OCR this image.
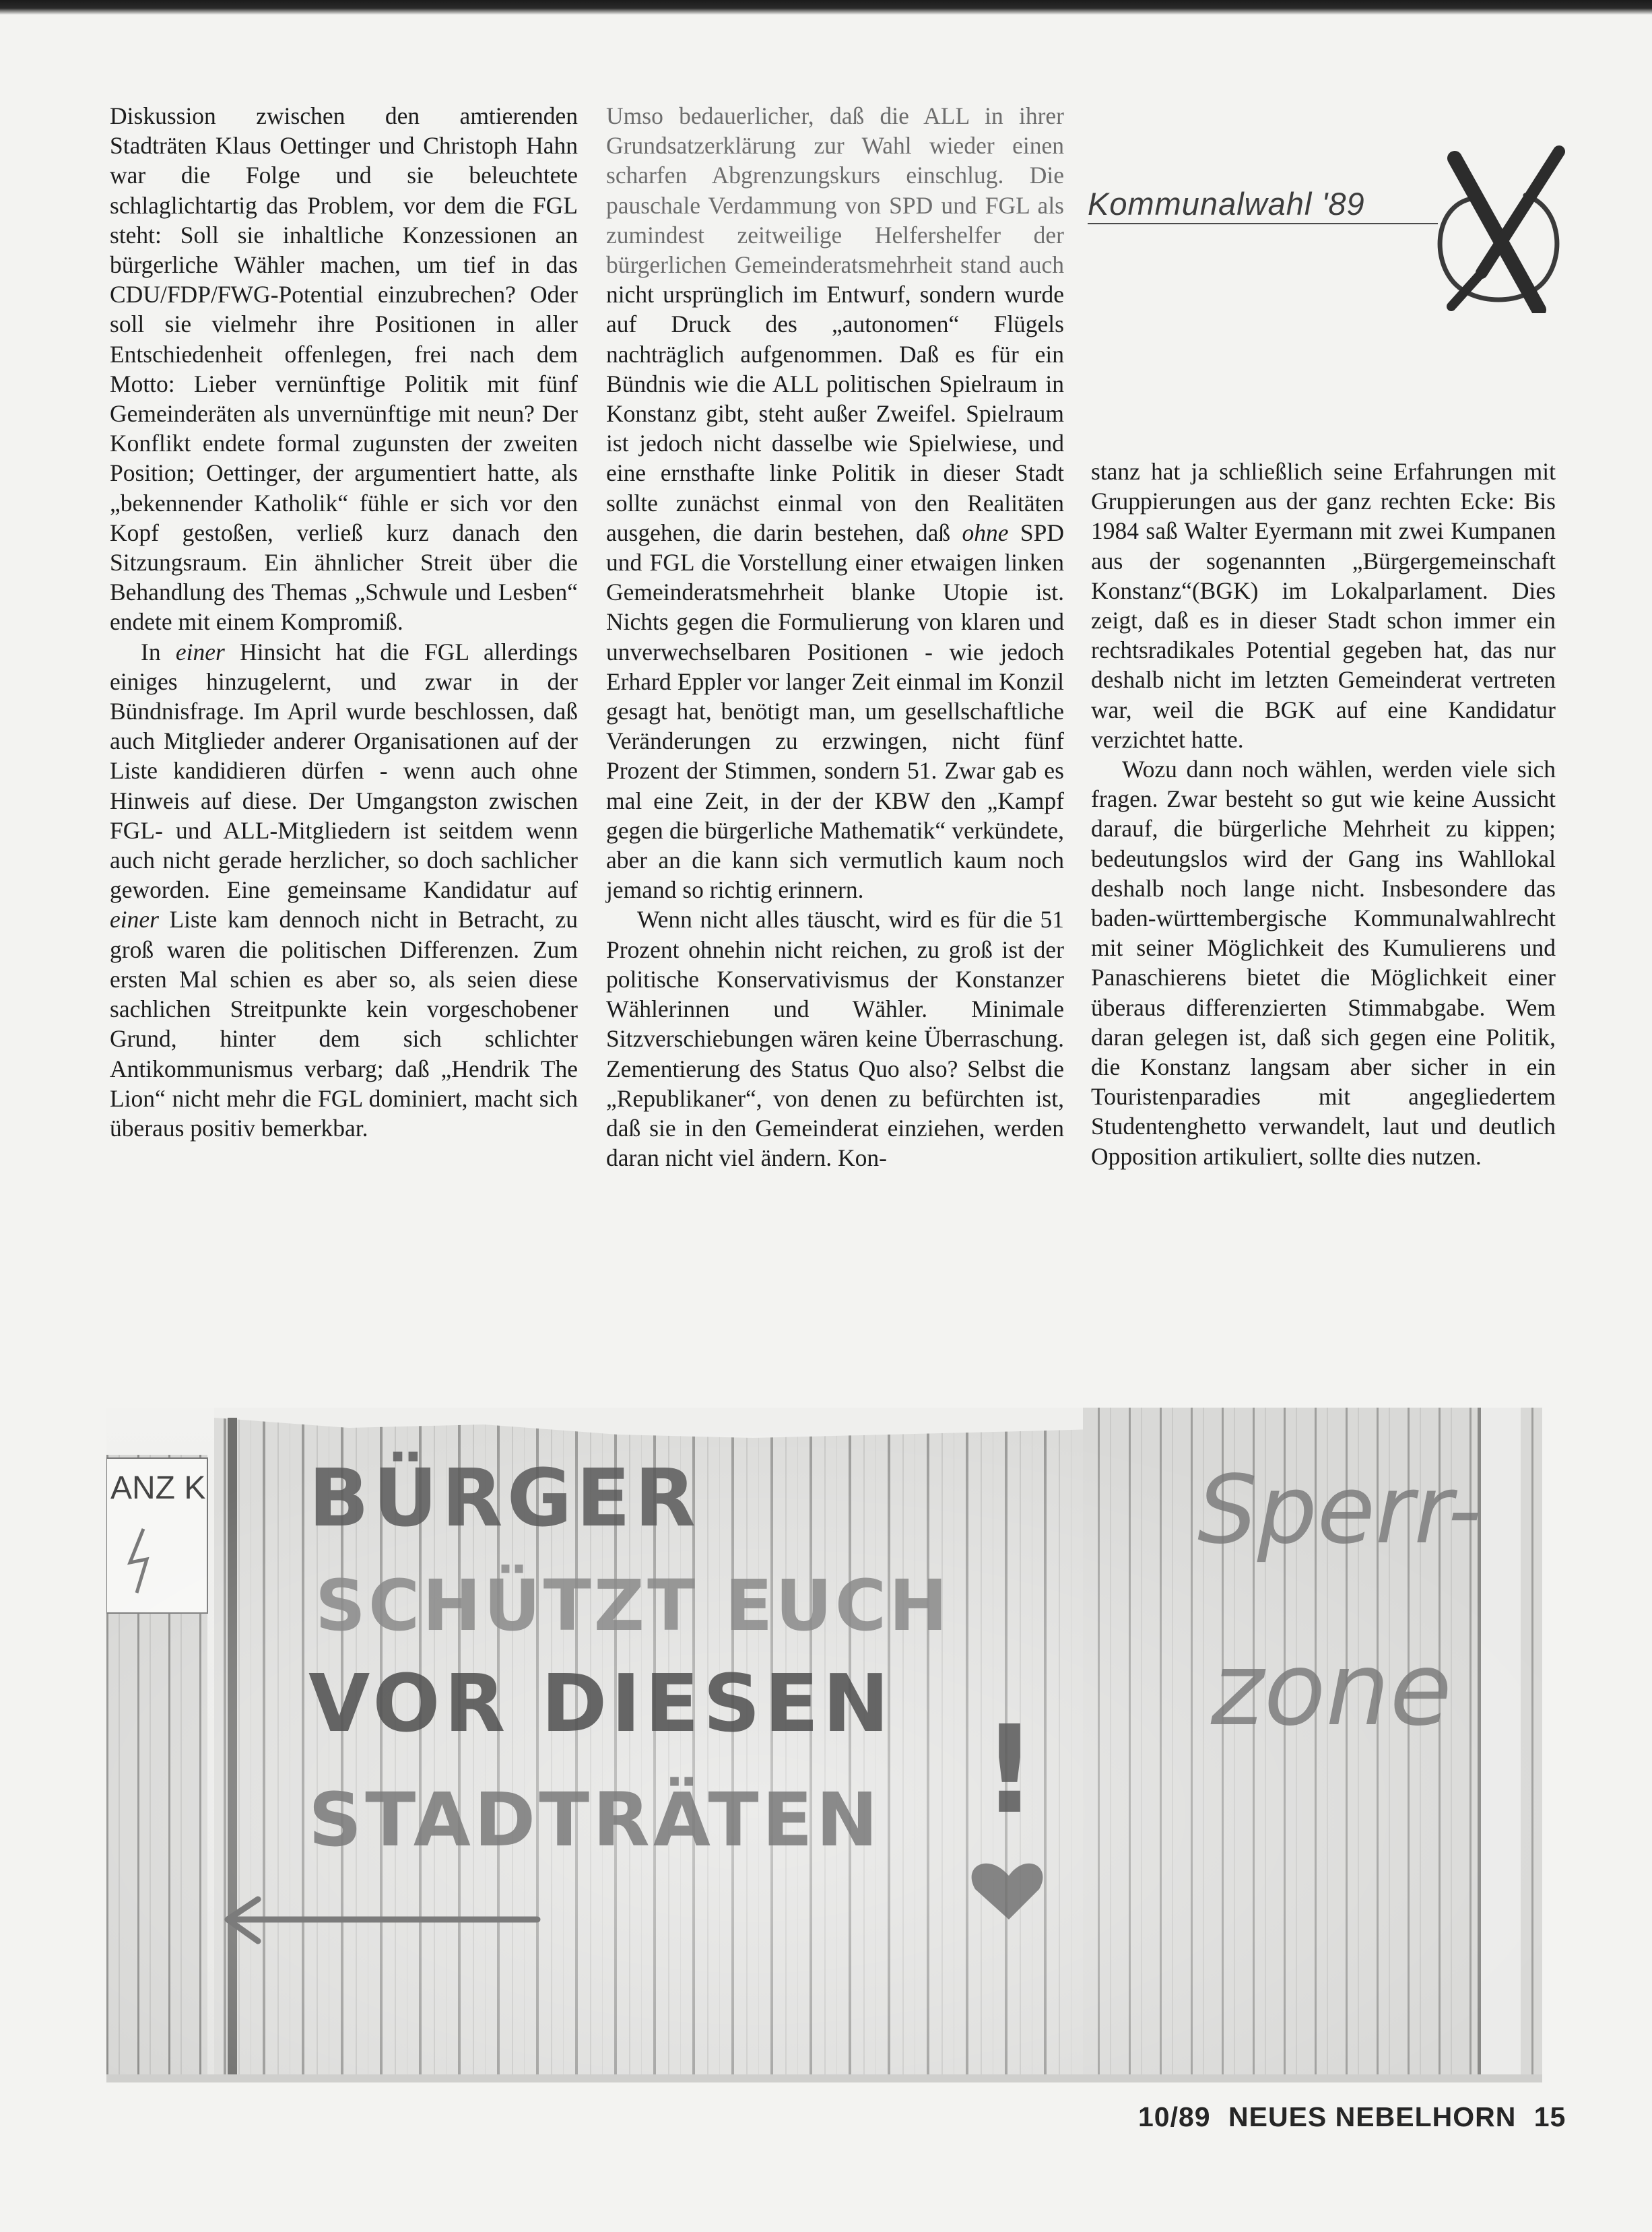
Diskussion zwischen den amtierenden Stadträten Klaus Oettinger und Christoph Hahn war die Folge und sie beleuchtete schlaglichtartig das Problem, vor dem die FGL steht: Soll sie inhaltliche Konzessionen an bürgerliche Wähler machen, um tief in das CDU/FDP/FWG-Potential einzubrechen? Oder soll sie vielmehr ihre Positionen in aller Entschiedenheit offenlegen, frei nach dem Motto: Lieber vernünftige Politik mit fünf Gemeinderäten als unvernünftige mit neun? Der Konflikt endete formal zugunsten der zweiten Position; Oettinger, der argumentiert hatte, als „bekennender Katholik“ fühle er sich vor den Kopf gestoßen, verließ kurz danach den Sitzungsraum. Ein ähnlicher Streit über die Behandlung des Themas „Schwule und Lesben“ endete mit einem Kompromiß.

In einer Hinsicht hat die FGL allerdings einiges hinzugelernt, und zwar in der Bündnisfrage. Im April wurde beschlossen, daß auch Mitglieder anderer Organisationen auf der Liste kandidieren dürfen - wenn auch ohne Hinweis auf diese. Der Umgangston zwischen FGL- und ALL-Mitgliedern ist seitdem wenn auch nicht gerade herzlicher, so doch sachlicher geworden. Eine gemeinsame Kandidatur auf einer Liste kam dennoch nicht in Betracht, zu groß waren die politischen Differenzen. Zum ersten Mal schien es aber so, als seien diese sachlichen Streitpunkte kein vorgeschobener Grund, hinter dem sich schlichter Antikommunismus verbarg; daß „Hendrik The Lion“ nicht mehr die FGL dominiert, macht sich überaus positiv bemerkbar.

Umso bedauerlicher, daß die ALL in ihrer Grundsatzerklärung zur Wahl wieder einen scharfen Abgrenzungskurs einschlug. Die pauschale Verdammung von SPD und FGL als zumindest zeitweilige Helfershelfer der bürgerlichen Gemeinderatsmehrheit stand auch nicht ursprünglich im Entwurf, sondern wurde auf Druck des „autonomen“ Flügels nachträglich aufgenommen. Daß es für ein Bündnis wie die ALL politischen Spielraum in Konstanz gibt, steht außer Zweifel. Spielraum ist jedoch nicht dasselbe wie Spielwiese, und eine ernsthafte linke Politik in dieser Stadt sollte zunächst einmal von den Realitäten ausgehen, die darin bestehen, daß ohne SPD und FGL die Vorstellung einer etwaigen linken Gemeinderatsmehrheit blanke Utopie ist. Nichts gegen die Formulierung von klaren und unverwechselbaren Positionen - wie jedoch Erhard Eppler vor langer Zeit einmal im Konzil gesagt hat, benötigt man, um gesellschaftliche Veränderungen zu erzwingen, nicht fünf Prozent der Stimmen, sondern 51. Zwar gab es mal eine Zeit, in der der KBW den „Kampf gegen die bürgerliche Mathematik“ verkündete, aber an die kann sich vermutlich kaum noch jemand so richtig erinnern.

Wenn nicht alles täuscht, wird es für die 51 Prozent ohnehin nicht reichen, zu groß ist der politische Konservativismus der Konstanzer Wählerinnen und Wähler. Minimale Sitzverschiebungen wären keine Überraschung. Zementierung des Status Quo also? Selbst die „Republikaner“, von denen zu befürchten ist, daß sie in den Gemeinderat einziehen, werden daran nicht viel ändern. Kon-

Kommunalwahl '89

stanz hat ja schließlich seine Erfahrungen mit Gruppierungen aus der ganz rechten Ecke: Bis 1984 saß Walter Eyermann mit zwei Kumpanen aus der sogenannten „Bürgergemeinschaft Konstanz“(BGK) im Lokalparlament. Dies zeigt, daß es in dieser Stadt schon immer ein rechtsradikales Potential gegeben hat, das nur deshalb nicht im letzten Gemeinderat vertreten war, weil die BGK auf eine Kandidatur verzichtet hatte.

Wozu dann noch wählen, werden viele sich fragen. Zwar besteht so gut wie keine Aussicht darauf, die bürgerliche Mehrheit zu kippen; bedeutungslos wird der Gang ins Wahllokal deshalb noch lange nicht. Insbesondere das baden-württembergische Kommunalwahlrecht mit seiner Möglichkeit des Kumulierens und Panaschierens bietet die Möglichkeit einer überaus differenzierten Stimmabgabe. Wem daran gelegen ist, daß sich gegen eine Politik, die Konstanz langsam aber sicher in ein Touristenparadies mit angegliedertem Studentenghetto verwandelt, laut und deutlich Opposition artikuliert, sollte dies nutzen.

BÜRGER
SCHÜTZT EUCH
VOR DIESEN
STADTRÄTEN !
Sperr-
zone
10/89 NEUES NEBELHORN 15
